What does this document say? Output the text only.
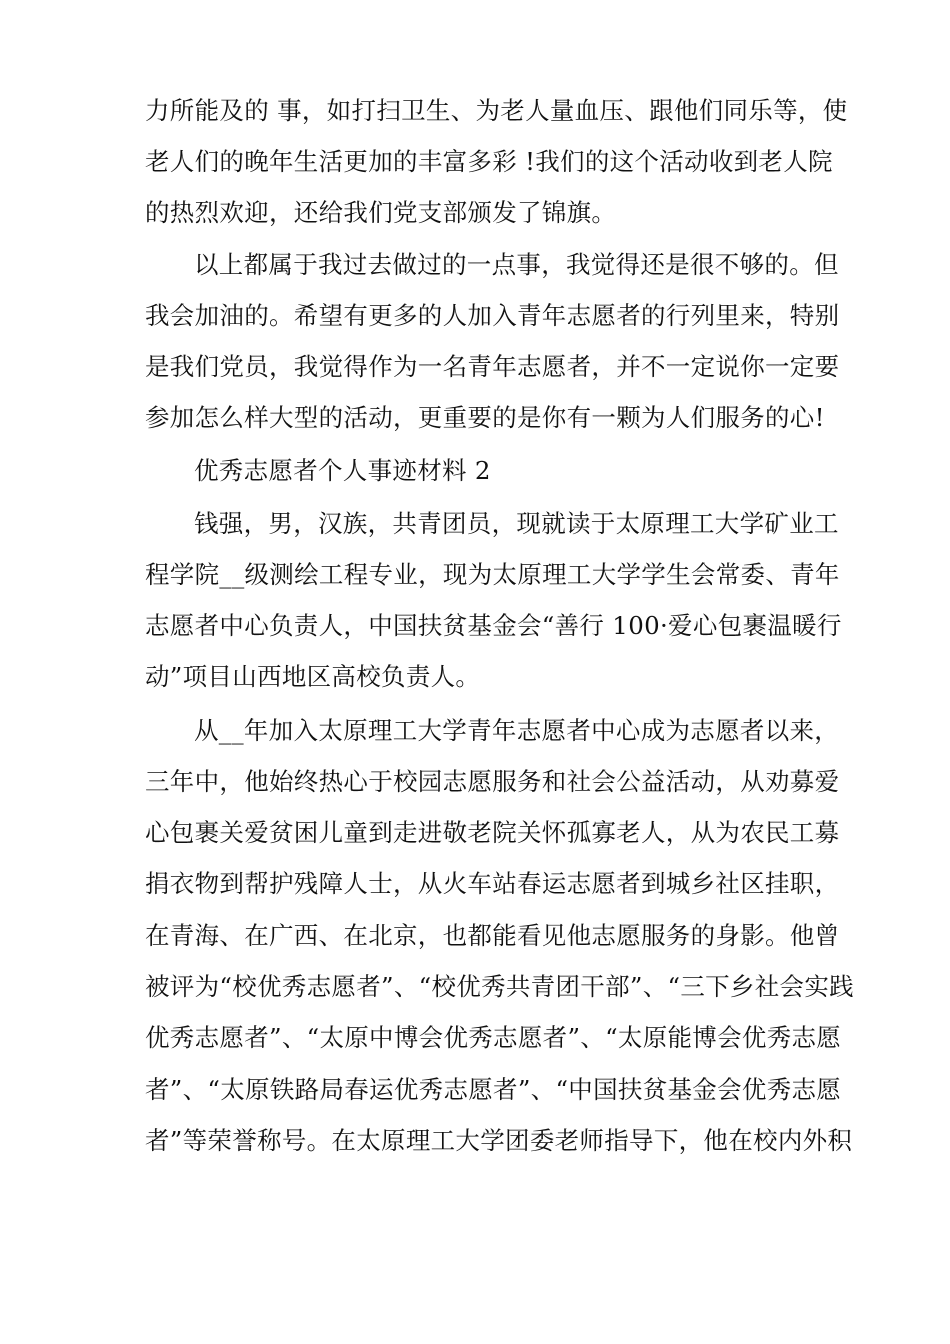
力所能及的 事，如打扫卫生、为老人量血压、跟他们同乐等，使
老人们的晚年生活更加的丰富多彩 !我们的这个活动收到老人院
的热烈欢迎，还给我们党支部颁发了锦旗。
以上都属于我过去做过的一点事，我觉得还是很不够的。但
我会加油的。希望有更多的人加入青年志愿者的行列里来，特别
是我们党员，我觉得作为一名青年志愿者，并不一定说你一定要
参加怎么样大型的活动，更重要的是你有一颗为人们服务的心!
优秀志愿者个人事迹材料 2
钱强，男，汉族，共青团员，现就读于太原理工大学矿业工
程学院__级测绘工程专业，现为太原理工大学学生会常委、青年
志愿者中心负责人，中国扶贫基金会“善行 100·爱心包裹温暖行
动”项目山西地区高校负责人。
从__年加入太原理工大学青年志愿者中心成为志愿者以来，
三年中，他始终热心于校园志愿服务和社会公益活动，从劝募爱
心包裹关爱贫困儿童到走进敬老院关怀孤寡老人，从为农民工募
捐衣物到帮护残障人士，从火车站春运志愿者到城乡社区挂职，
在青海、在广西、在北京，也都能看见他志愿服务的身影。他曾
被评为“校优秀志愿者”、“校优秀共青团干部”、“三下乡社会实践
优秀志愿者”、“太原中博会优秀志愿者”、“太原能博会优秀志愿
者”、“太原铁路局春运优秀志愿者”、“中国扶贫基金会优秀志愿
者”等荣誉称号。在太原理工大学团委老师指导下，他在校内外积
